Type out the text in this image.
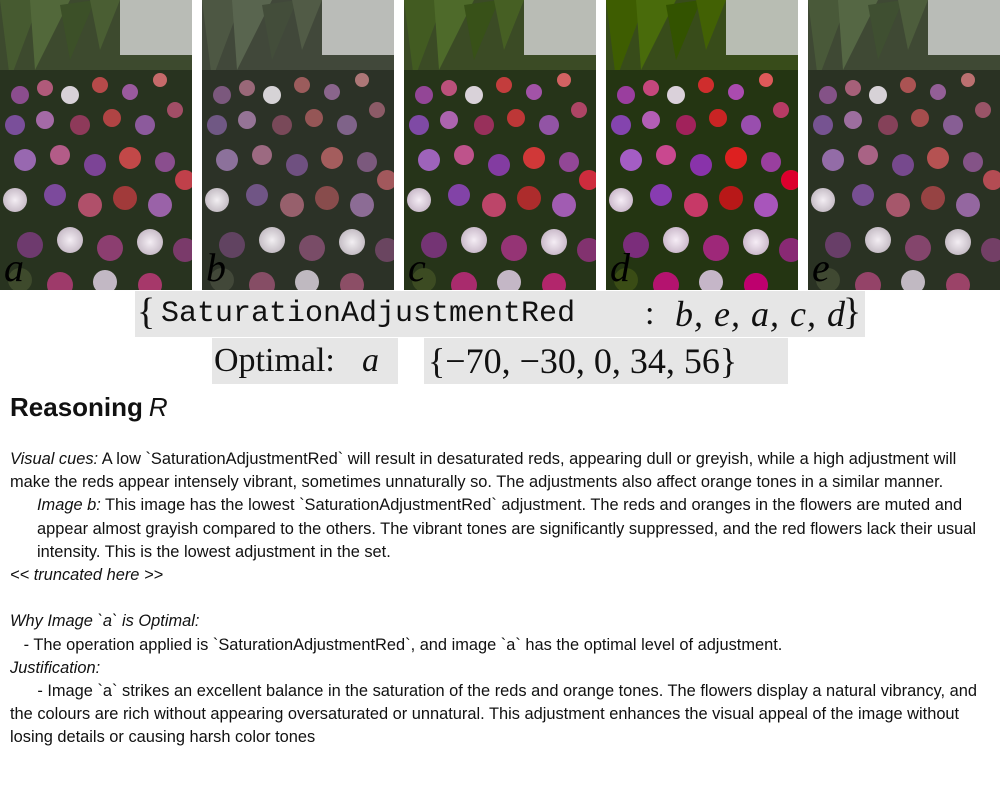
a	b	c	d	e
{ SaturationAdjustmentRed : b, e, a, c, d
}
Optimal: a {−70, −30, 0, 34, 56}
Reasoning R

Visual cues: A low `SaturationAdjustmentRed` will result in desaturated reds, appearing dull or greyish, while a high adjustment will make the reds appear intensely vibrant, sometimes unnaturally so. The adjustments also affect orange tones in a similar manner.

Image b: This image has the lowest `SaturationAdjustmentRed` adjustment. The reds and oranges in the flowers are muted and appear almost grayish compared to the others. The vibrant tones are significantly suppressed, and the red flowers lack their usual intensity. This is the lowest adjustment in the set.

<< truncated here >>

Why Image `a` is Optimal:

- The operation applied is `SaturationAdjustmentRed`, and image `a` has the optimal level of adjustment.

Justification:

- Image `a` strikes an excellent balance in the saturation of the reds and orange tones. The flowers display a natural vibrancy, and the colours are rich without appearing oversaturated or unnatural. This adjustment enhances the visual appeal of the image without losing details or causing harsh color tones
